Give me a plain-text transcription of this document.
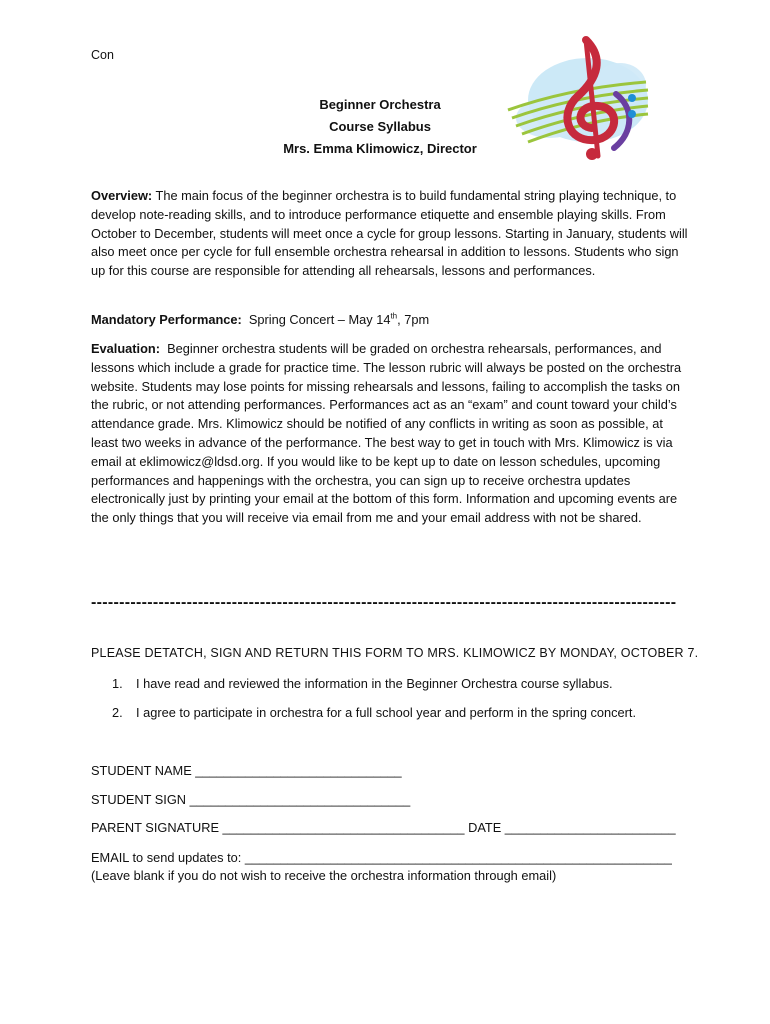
Con
Beginner Orchestra
Course Syllabus
Mrs. Emma Klimowicz, Director
Overview: The main focus of the beginner orchestra is to build fundamental string playing technique, to develop note-reading skills, and to introduce performance etiquette and ensemble playing skills. From October to December, students will meet once a cycle for group lessons. Starting in January, students will also meet once per cycle for full ensemble orchestra rehearsal in addition to lessons. Students who sign up for this course are responsible for attending all rehearsals, lessons and performances.
Mandatory Performance: Spring Concert – May 14th, 7pm
Evaluation: Beginner orchestra students will be graded on orchestra rehearsals, performances, and lessons which include a grade for practice time. The lesson rubric will always be posted on the orchestra website. Students may lose points for missing rehearsals and lessons, failing to accomplish the tasks on the rubric, or not attending performances. Performances act as an “exam” and count toward your child’s attendance grade. Mrs. Klimowicz should be notified of any conflicts in writing as soon as possible, at least two weeks in advance of the performance. The best way to get in touch with Mrs. Klimowicz is via email at eklimowicz@ldsd.org. If you would like to be kept up to date on lesson schedules, upcoming performances and happenings with the orchestra, you can sign up to receive orchestra updates electronically just by printing your email at the bottom of this form. Information and upcoming events are the only things that you will receive via email from me and your email address with not be shared.
--------------------------------------------------------------------------------------------------------
PLEASE DETATCH, SIGN AND RETURN THIS FORM TO MRS. KLIMOWICZ BY MONDAY, OCTOBER 7.
1. I have read and reviewed the information in the Beginner Orchestra course syllabus.
2. I agree to participate in orchestra for a full school year and perform in the spring concert.
STUDENT NAME _____________________________
STUDENT SIGN _______________________________
PARENT SIGNATURE __________________________________ DATE ________________________
EMAIL to send updates to: ____________________________________________________________
(Leave blank if you do not wish to receive the orchestra information through email)
